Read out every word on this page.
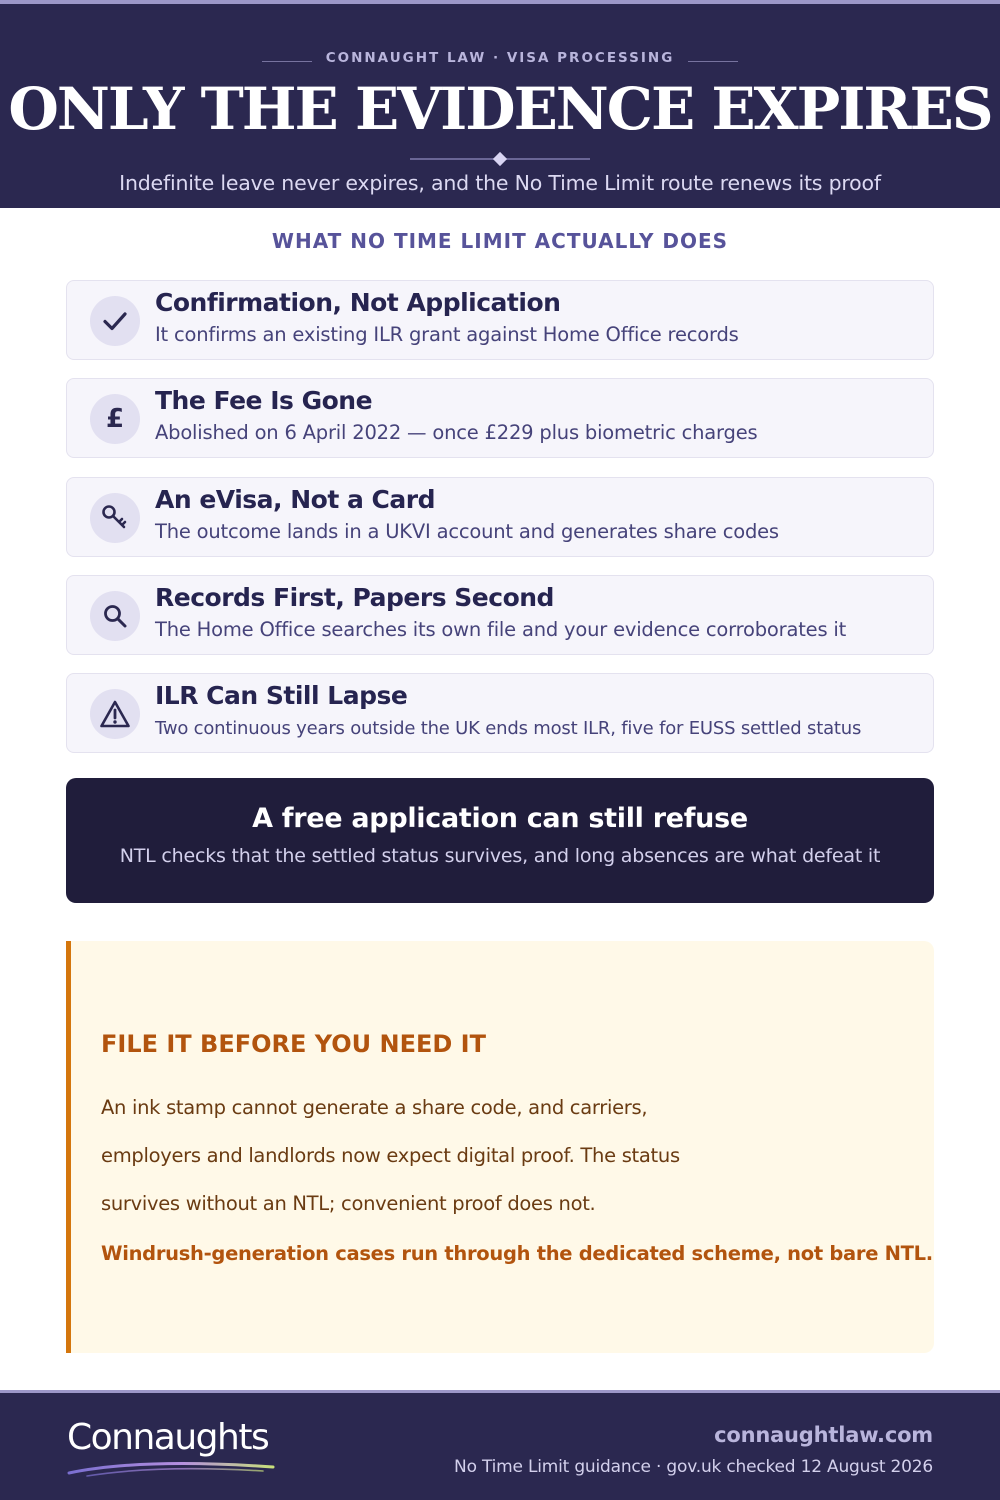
CONNAUGHT LAW · VISA PROCESSING
ONLY THE EVIDENCE EXPIRES
Indefinite leave never expires, and the No Time Limit route renews its proof
WHAT NO TIME LIMIT ACTUALLY DOES
Confirmation, Not Application
It confirms an existing ILR grant against Home Office records
£
The Fee Is Gone
Abolished on 6 April 2022 — once £229 plus biometric charges
An eVisa, Not a Card
The outcome lands in a UKVI account and generates share codes
Records First, Papers Second
The Home Office searches its own file and your evidence corroborates it
ILR Can Still Lapse
Two continuous years outside the UK ends most ILR, five for EUSS settled status
A free application can still refuse
NTL checks that the settled status survives, and long absences are what defeat it
FILE IT BEFORE YOU NEED IT
An ink stamp cannot generate a share code, and carriers,
employers and landlords now expect digital proof. The status
survives without an NTL; convenient proof does not.
Windrush-generation cases run through the dedicated scheme, not bare NTL.
Connaughts	connaughtlaw.com
No Time Limit guidance · gov.uk checked 12 August 2026
